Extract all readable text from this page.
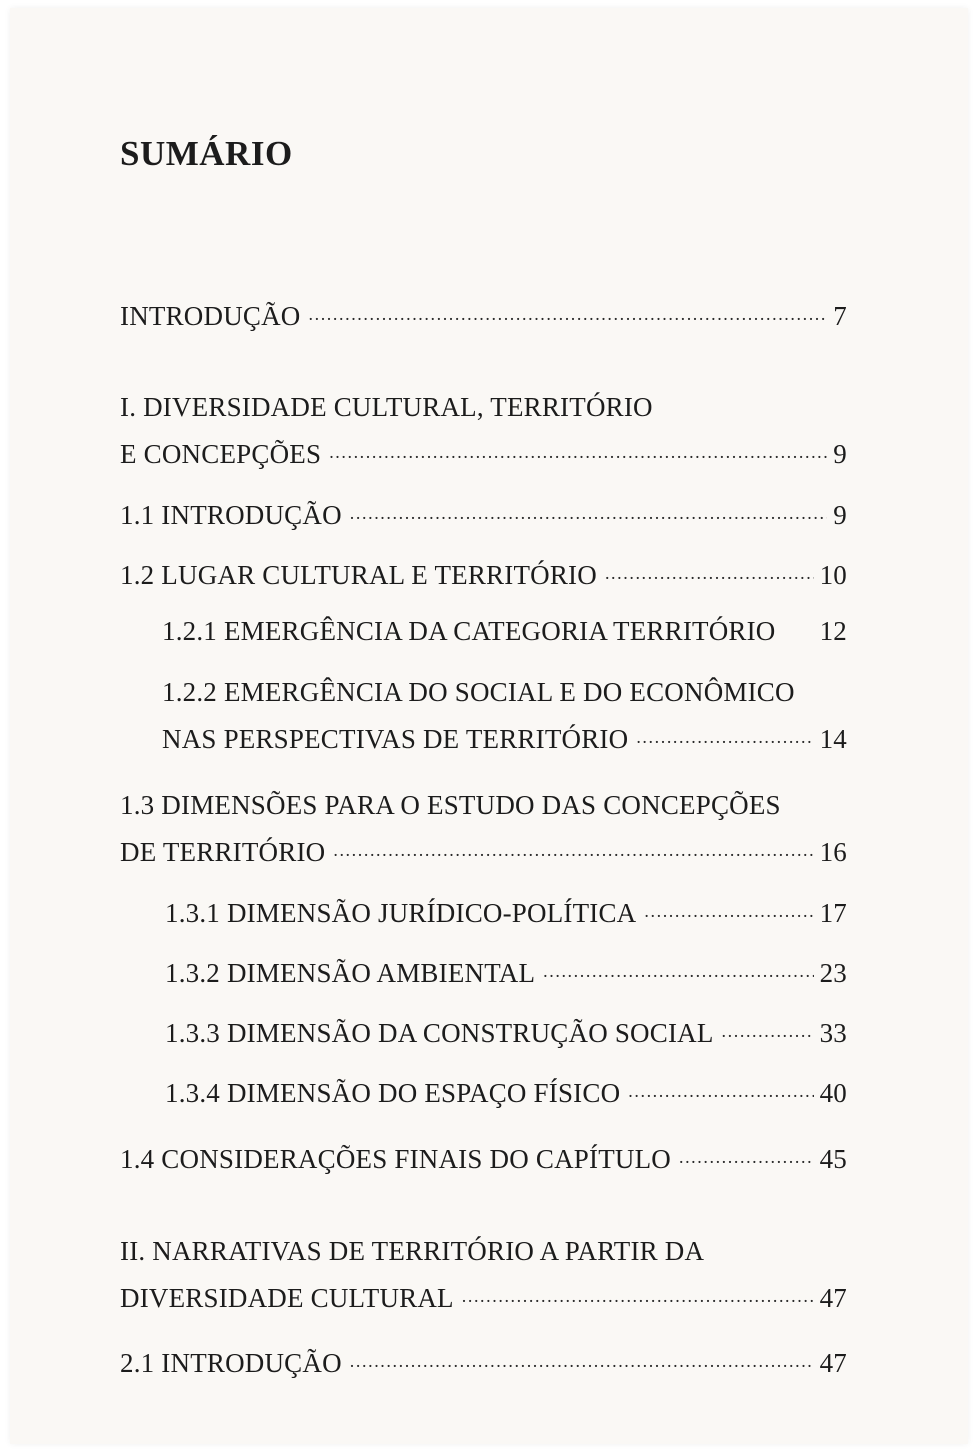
SUMÁRIO
INTRODUÇÃO .....	7
I. DIVERSIDADE CULTURAL, TERRITÓRIO
E CONCEPÇÕES .....	9
1.1 INTRODUÇÃO .....	9
1.2 LUGAR CULTURAL E TERRITÓRIO .....	10
1.2.1 EMERGÊNCIA DA CATEGORIA TERRITÓRIO 12
1.2.2 EMERGÊNCIA DO SOCIAL E DO ECONÔMICO
NAS PERSPECTIVAS DE TERRITÓRIO .....	14
1.3 DIMENSÕES PARA O ESTUDO DAS CONCEPÇÕES
DE TERRITÓRIO .....	16
1.3.1 DIMENSÃO JURÍDICO-POLÍTICA .....	17
1.3.2 DIMENSÃO AMBIENTAL .....	23
1.3.3 DIMENSÃO DA CONSTRUÇÃO SOCIAL .....	33
1.3.4 DIMENSÃO DO ESPAÇO FÍSICO .....	40
1.4 CONSIDERAÇÕES FINAIS DO CAPÍTULO .....	45
II. NARRATIVAS DE TERRITÓRIO A PARTIR DA
DIVERSIDADE CULTURAL .....	47
2.1 INTRODUÇÃO .....	47
